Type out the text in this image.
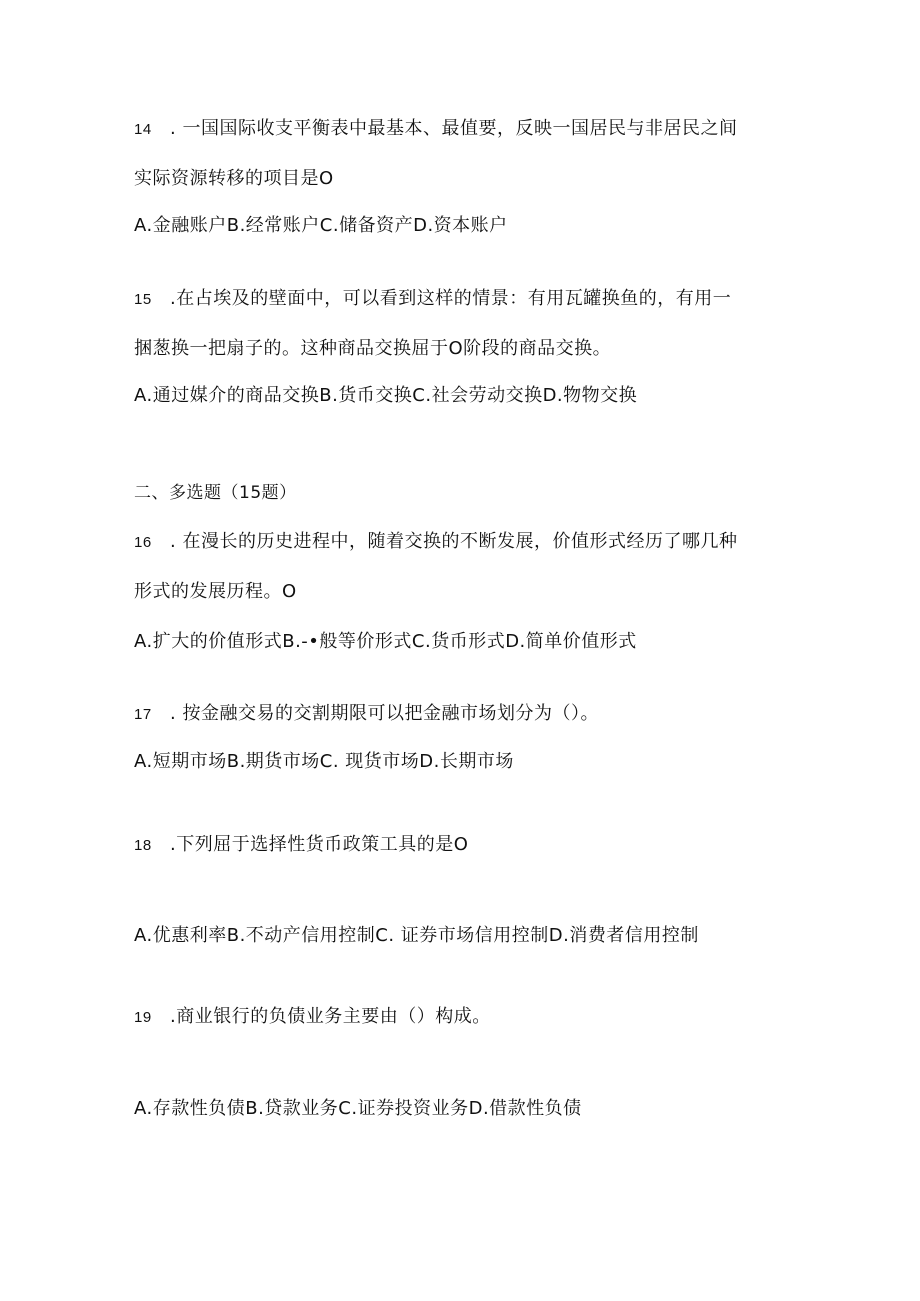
14 . 一国国际收支平衡表中最基本、最值要，反映一国居民与非居民之间
实际资源转移的项目是O
A.金融账户B.经常账户C.储备资产D.资本账户
15 .在占埃及的壁面中，可以看到这样的情景：有用瓦罐换鱼的，有用一
捆葱换一把扇子的。这种商品交换屈于O阶段的商品交换。
A.通过媒介的商品交换B.货币交换C.社会劳动交换D.物物交换
二、多选题（15题）
16 . 在漫长的历史进程中，随着交换的不断发展，价值形式经历了哪几种
形式的发展历程。O
A.扩大的价值形式B.-•般等价形式C.货币形式D.简单价值形式
17 . 按金融交易的交割期限可以把金融市场划分为（）。
A.短期市场B.期货市场C. 现货市场D.长期市场
18 .下列屈于选择性货币政策工具的是O
A.优惠利率B.不动产信用控制C. 证券市场信用控制D.消费者信用控制
19 .商业银行的负债业务主要由（）构成。
A.存款性负债B.贷款业务C.证券投资业务D.借款性负债
